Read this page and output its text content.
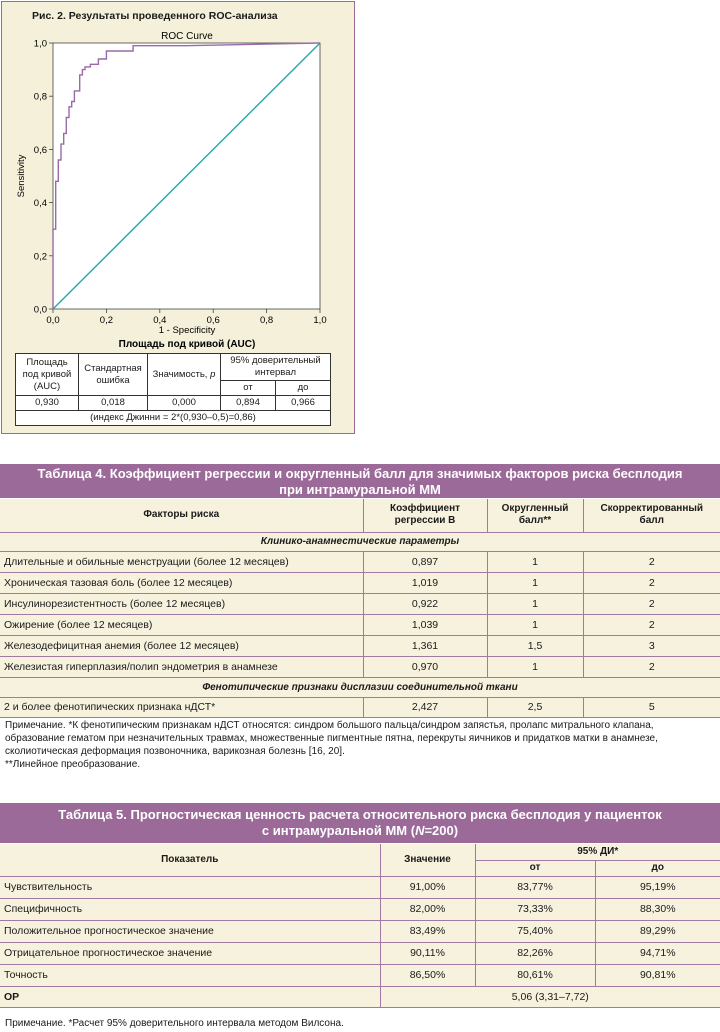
Рис. 2. Результаты проведенного ROC-анализа
ROC Curve
0,0
0,0
0,2
0,2
0,4
0,4
0,6
0,6
0,8
0,8
1,0
1,0
1 - Specificity
Площадь под кривой (AUC)
Sensitivity
Площадь под кривой (AUC)	Стандартная ошибка	Значимость, p	95% доверительный интервал	
			от	до
0,930	0,018	0,000	0,894	0,966
(индекс Джинни = 2*(0,930–0,5)=0,86)				
Таблица 4. Коэффициент регрессии и округленный балл для значимых факторов риска бесплодия
при интрамуральной ММ
Факторы риска	Коэффициент регрессии B	Округленный балл**	Скорректированный балл
Клинико-анамнестические параметры			
Длительные и обильные менструации (более 12 месяцев)	0,897	1	2
Хроническая тазовая боль (более 12 месяцев)	1,019	1	2
Инсулинорезистентность (более 12 месяцев)	0,922	1	2
Ожирение (более 12 месяцев)	1,039	1	2
Железодефицитная анемия (более 12 месяцев)	1,361	1,5	3
Железистая гиперплазия/полип эндометрия в анамнезе	0,970	1	2
Фенотипические признаки дисплазии соединительной ткани			
2 и более фенотипических признака нДСТ*	2,427	2,5	5
Примечание. *К фенотипическим признакам нДСТ относятся: синдром большого пальца/синдром запястья, пролапс митрального клапана, образование гематом при незначительных травмах, множественные пигментные пятна, перекруты яичников и придатков матки в анамнезе, сколиотическая деформация позвоночника, варикозная болезнь [16, 20].
**Линейное преобразование.
Таблица 5. Прогностическая ценность расчета относительного риска бесплодия у пациенток
с интрамуральной ММ (N=200)
Показатель	Значение	95% ДИ*	
		от	до
Чувствительность	91,00%	83,77%	95,19%
Специфичность	82,00%	73,33%	88,30%
Положительное прогностическое значение	83,49%	75,40%	89,29%
Отрицательное прогностическое значение	90,11%	82,26%	94,71%
Точность	86,50%	80,61%	90,81%
ОР	5,06 (3,31–7,72)		
Примечание. *Расчет 95% доверительного интервала методом Вилсона.
